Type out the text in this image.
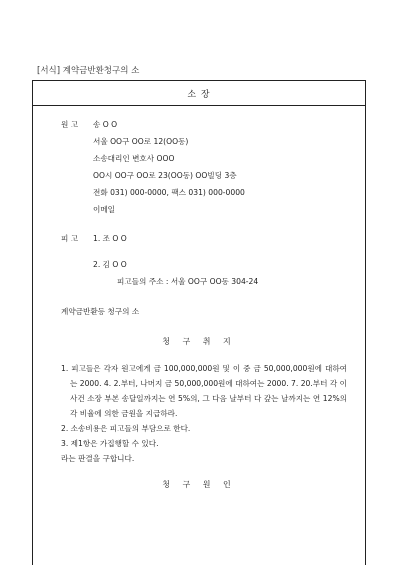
[서식] 계약금반환청구의 소
소 장
원 고 송 O O
서울 OO구 OO로 12(OO동)
소송대리인 변호사 OOO
OO시 OO구 OO로 23(OO동) OO빌딩 3층
전화 031) 000-0000, 팩스 031) 000-0000
이메일
피 고 1. 조 O O
2. 김 O O
피고들의 주소 : 서울 OO구 OO동 304-24
계약금반환등 청구의 소
청 구 취 지
1. 피고들은 각자 원고에게 금 100,000,000원 및 이 중 금 50,000,000원에 대하여는 2000. 4. 2.부터, 나머지 금 50,000,000원에 대하여는 2000. 7. 20.부터 각 이 사건 소장 부본 송달일까지는 연 5%의, 그 다음 날부터 다 갚는 날까지는 연 12%의 각 비율에 의한 금원을 지급하라.
2. 소송비용은 피고들의 부담으로 한다.
3. 제1항은 가집행할 수 있다.
라는 판결을 구합니다.
청 구 원 인
